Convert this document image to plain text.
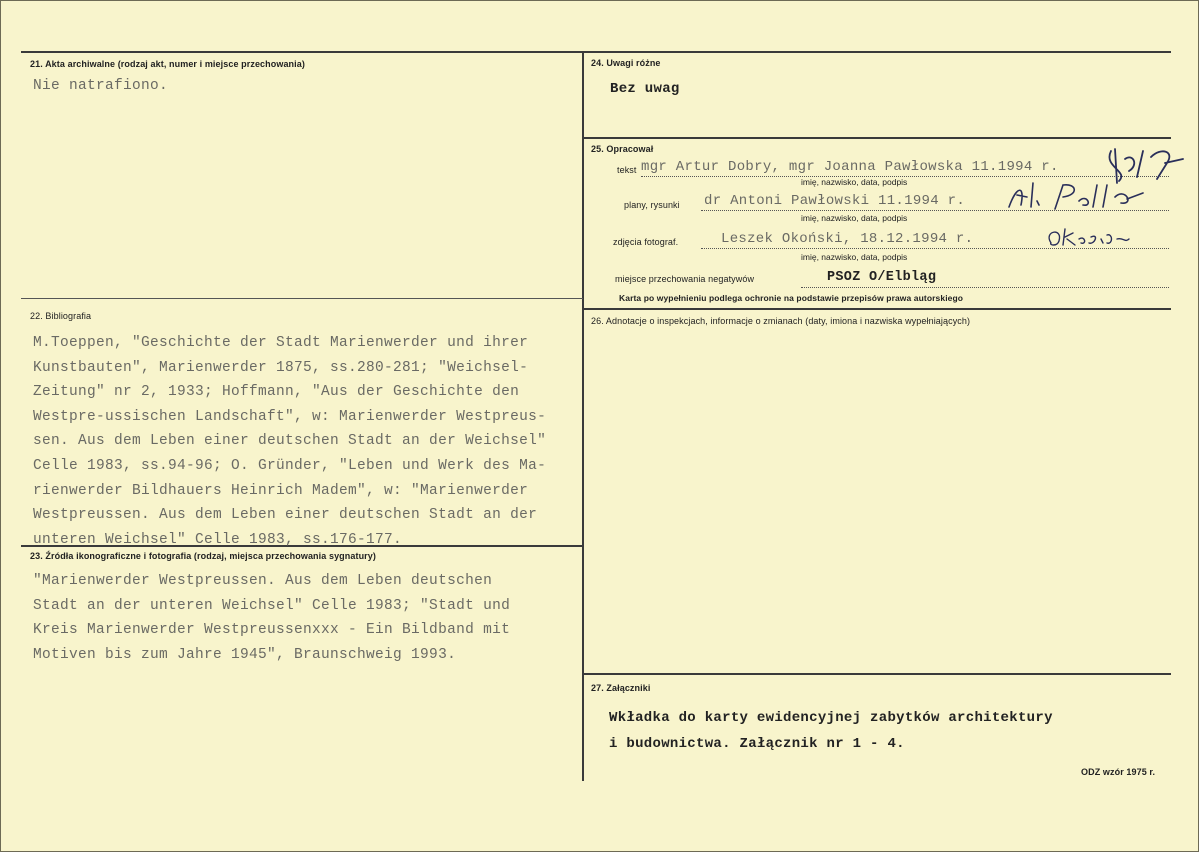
21. Akta archiwalne (rodzaj akt, numer i miejsce przechowania)
Nie natrafiono.
22. Bibliografia
M.Toeppen, "Geschichte der Stadt Marienwerder und ihrer
Kunstbauten", Marienwerder 1875, ss.280-281; "Weichsel-
Zeitung" nr 2, 1933; Hoffmann, "Aus der Geschichte den
Westpre-ussischen Landschaft", w: Marienwerder Westpreus-
sen. Aus dem Leben einer deutschen Stadt an der Weichsel"
Celle 1983, ss.94-96; O. Gründer, "Leben und Werk des Ma-
rienwerder Bildhauers Heinrich Madem", w: "Marienwerder
Westpreussen. Aus dem Leben einer deutschen Stadt an der
unteren Weichsel" Celle 1983, ss.176-177.
23. Źródła ikonograficzne i fotografia (rodzaj, miejsca przechowania sygnatury)
"Marienwerder Westpreussen. Aus dem Leben deutschen
Stadt an der unteren Weichsel" Celle 1983; "Stadt und
Kreis Marienwerder Westpreussenxxx - Ein Bildband mit
Motiven bis zum Jahre 1945", Braunschweig 1993.
24. Uwagi różne
Bez uwag
25. Opracował
tekst mgr Artur Dobry, mgr Joanna Pawłowska 11.1994 r.
imię, nazwisko, data, podpis
plany, rysunki dr Antoni Pawłowski 11.1994 r.
imię, nazwisko, data, podpis
zdjęcia fotograf.	Leszek Okoński, 18.12.1994 r.
imię, nazwisko, data, podpis
miejsce przechowania negatywów	PSOZ O/Elbląg
Karta po wypełnieniu podlega ochronie na podstawie przepisów prawa autorskiego
26. Adnotacje o inspekcjach, informacje o zmianach (daty, imiona i nazwiska wypełniających)
27. Załączniki
Wkładka do karty ewidencyjnej zabytków architektury
i budownictwa. Załącznik nr 1 - 4.
ODZ wzór 1975 r.
